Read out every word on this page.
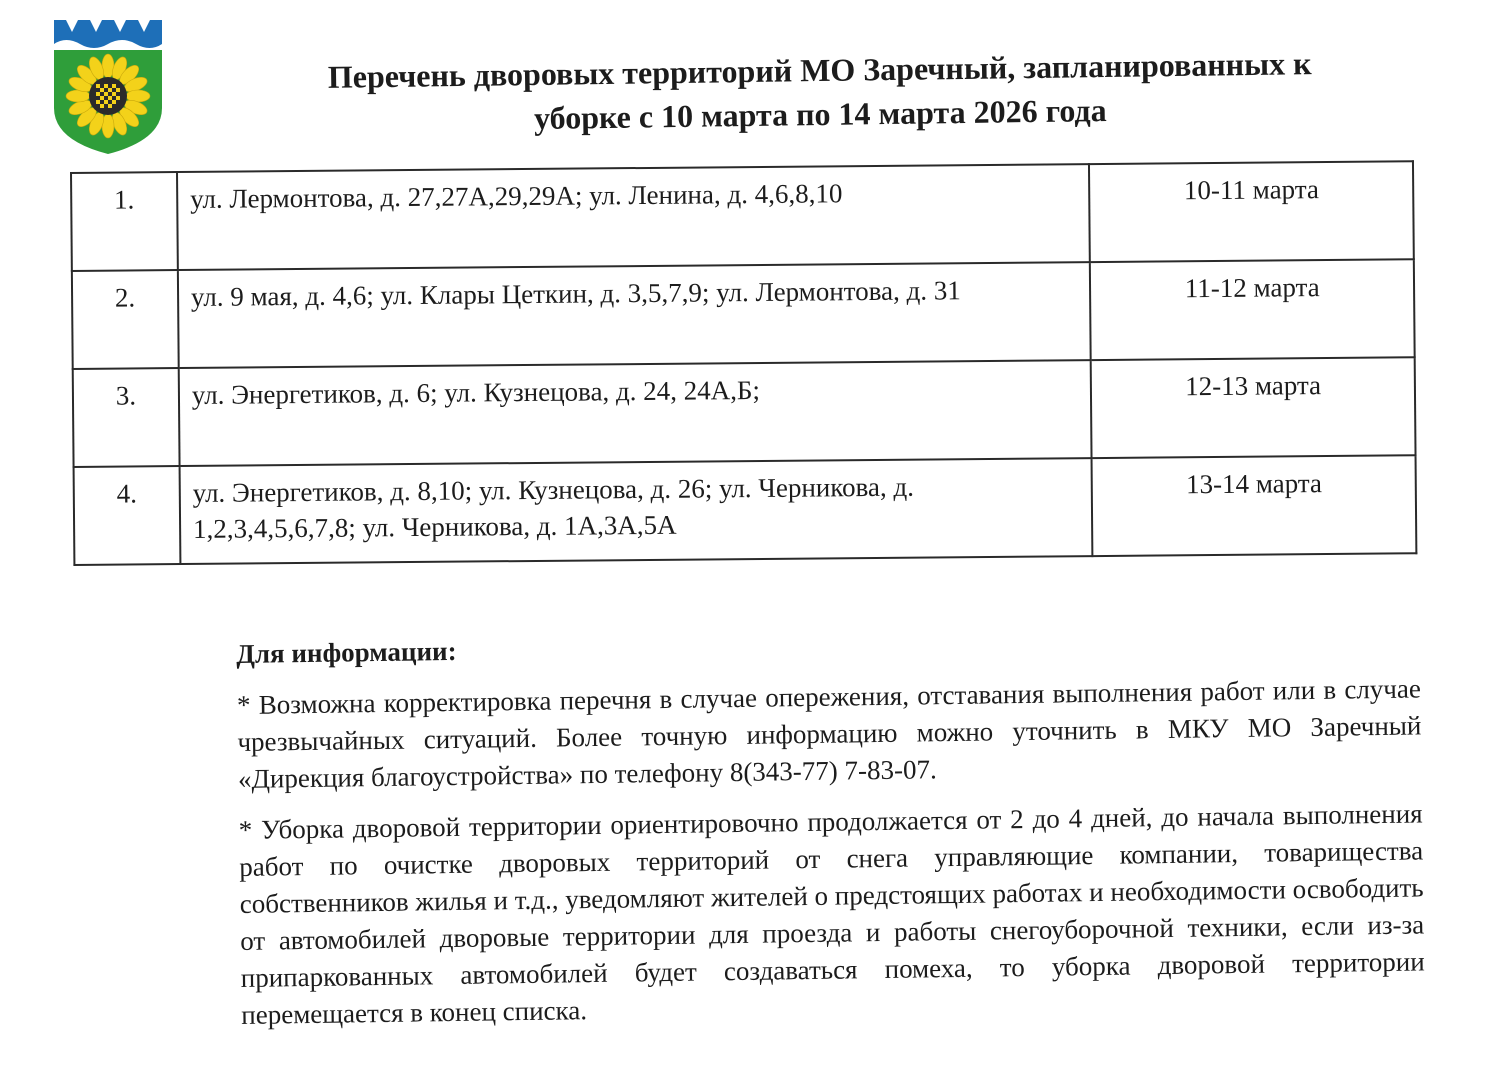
Перечень дворовых территорий МО Заречный, запланированных к
уборке с 10 марта по 14 марта 2026 года
1.	ул. Лермонтова, д. 27,27А,29,29А; ул. Ленина, д. 4,6,8,10	10-11 марта
2.	ул. 9 мая, д. 4,6; ул. Клары Цеткин, д. 3,5,7,9; ул. Лермонтова, д. 31	11-12 марта
3.	ул. Энергетиков, д. 6; ул. Кузнецова, д. 24, 24А,Б;	12-13 марта
4.	ул. Энергетиков, д. 8,10; ул. Кузнецова, д. 26; ул. Черникова, д. 1,2,3,4,5,6,7,8; ул. Черникова, д. 1А,3А,5А	13-14 марта
Для информации:

* Возможна корректировка перечня в случае опережения, отставания выполнения работ или в случае чрезвычайных ситуаций. Более точную информацию можно уточнить в МКУ МО Заречный «Дирекция благоустройства» по телефону 8(343-77) 7-83-07.

* Уборка дворовой территории ориентировочно продолжается от 2 до 4 дней, до начала выполнения работ по очистке дворовых территорий от снега управляющие компании, товарищества собственников жилья и т.д., уведомляют жителей о предстоящих работах и необходимости освободить от автомобилей дворовые территории для проезда и работы снегоуборочной техники, если из-за припаркованных автомобилей будет создаваться помеха, то уборка дворовой территории перемещается в конец списка.
